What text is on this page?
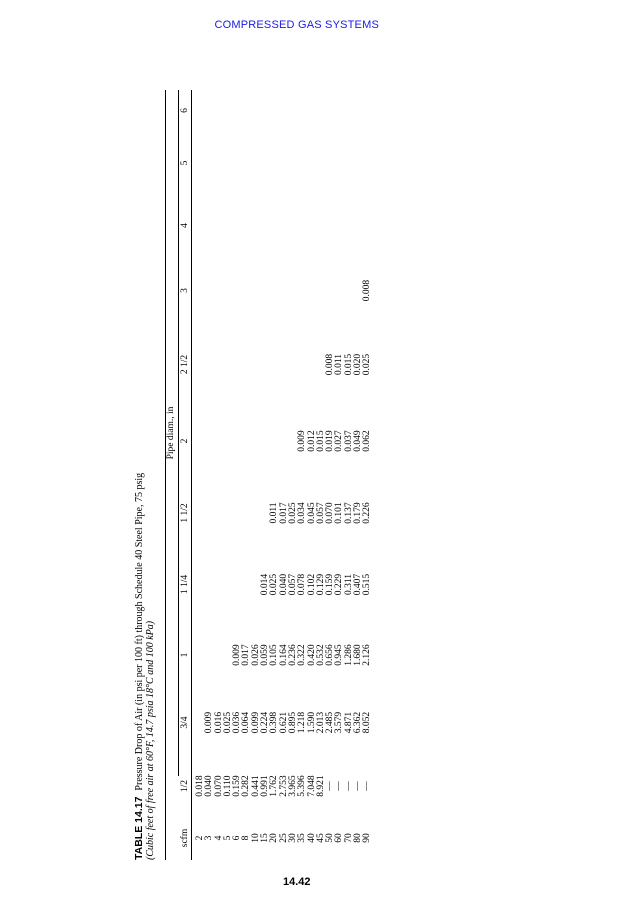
COMPRESSED GAS SYSTEMS
TABLE 14.17Pressure Drop of Air (in psi per 100 ft) through Schedule 40 Steel Pipe, 75 psig (Cubic feet of free air at 60°F, 14.7 psia 18°C and 100 kPa)
Pipe diam., in
scfm	1/2	3/4	1	1 1/4	1 1/2	2	2 1/2	3	4	5	6
2	0.018										
3	0.040	0.009									
4	0.070	0.016									
5	0.110	0.025									
6	0.159	0.036	0.009								
8	0.282	0.064	0.017								
10	0.441	0.099	0.026								
15	0.991	0.224	0.059	0.014							
20	1.762	0.398	0.105	0.025	0.011						
25	2.753	0.621	0.164	0.040	0.017						
30	3.965	0.895	0.236	0.057	0.025						
35	5.396	1.218	0.322	0.078	0.034	0.009					
40	7.048	1.590	0.420	0.102	0.045	0.012					
45	8.921	2.013	0.532	0.129	0.057	0.015					
50	—	2.485	0.656	0.159	0.070	0.019	0.008				
60	—	3.579	0.945	0.229	0.101	0.027	0.011				
70	—	4.871	1.286	0.311	0.137	0.037	0.015				
80	—	6.362	1.680	0.407	0.179	0.049	0.020				
90	—	8.052	2.126	0.515	0.226	0.062	0.025	0.008			
14.42
